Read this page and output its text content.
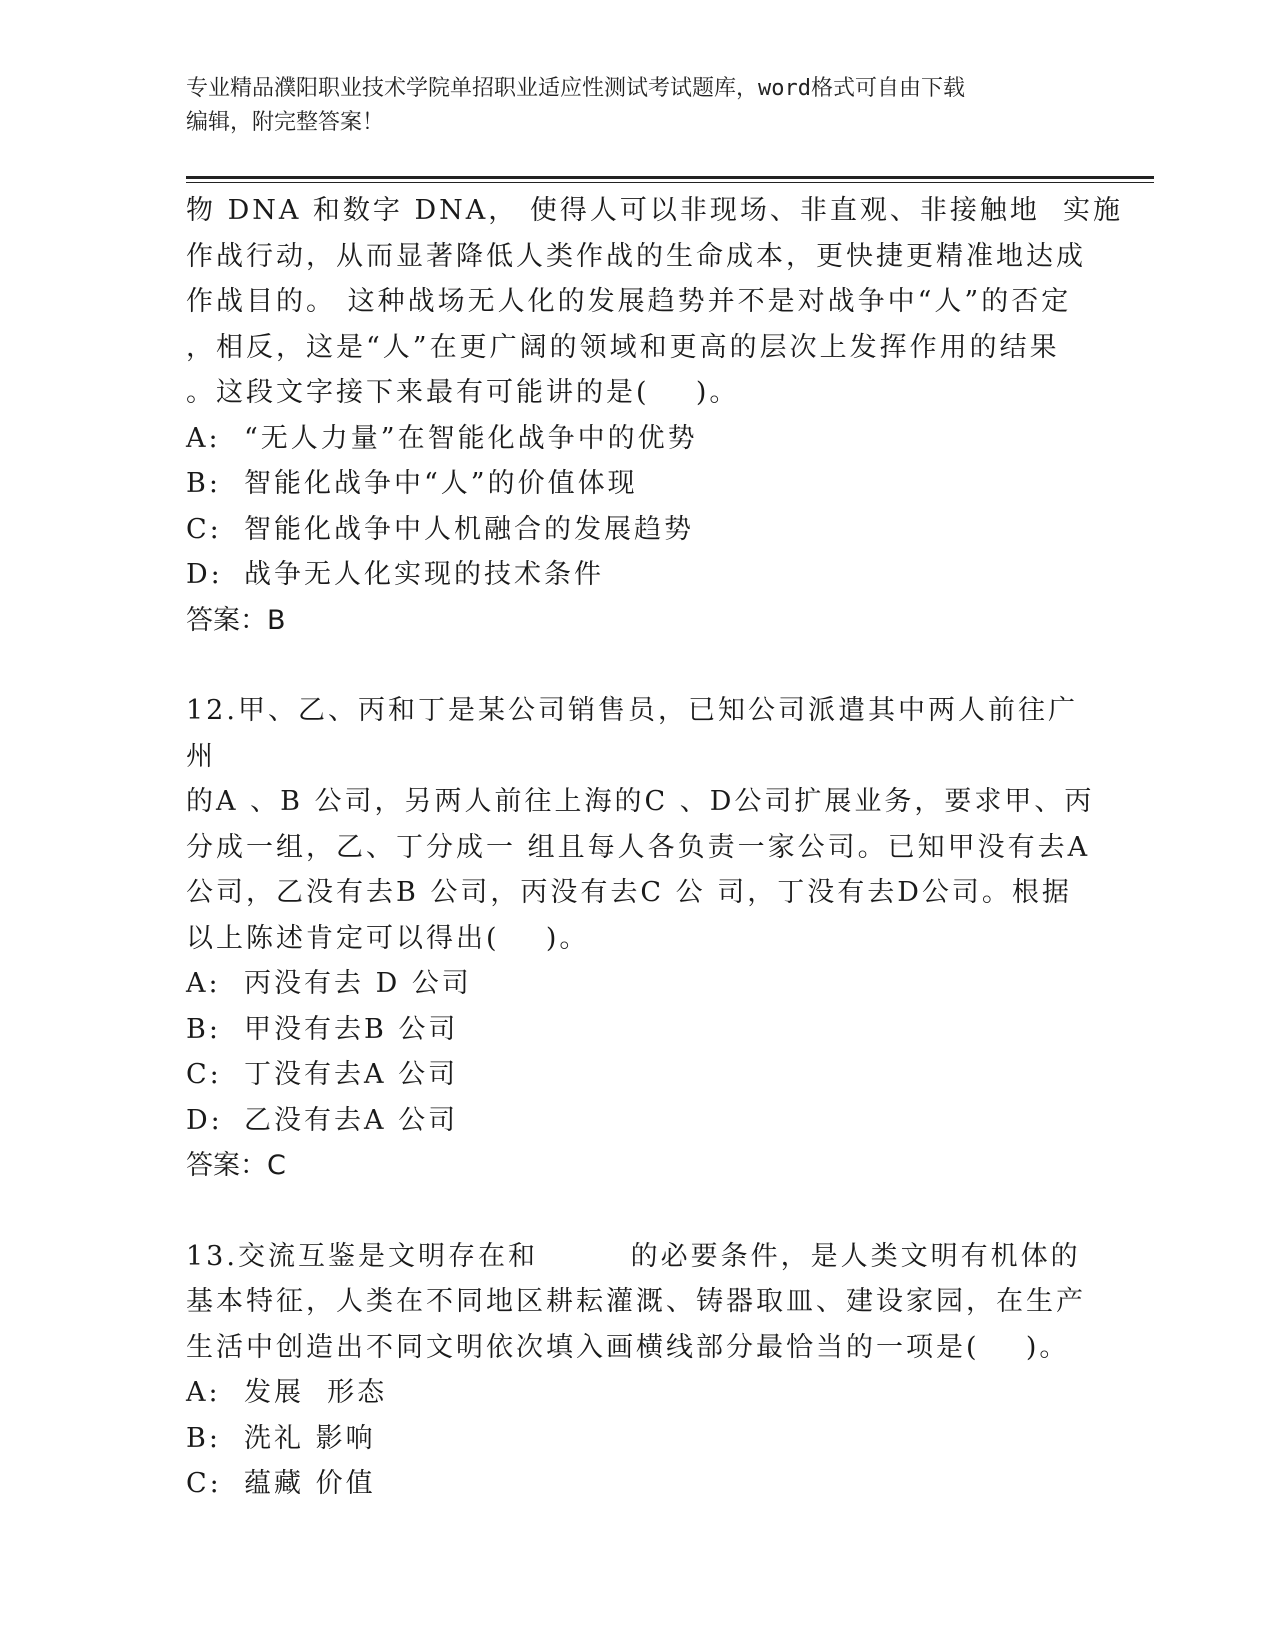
专业精品濮阳职业技术学院单招职业适应性测试考试题库，word格式可自由下载
编辑，附完整答案！

物 DNA 和数字 DNA， 使得人可以非现场、非直观、非接触地  实施

作战行动，从而显著降低人类作战的生命成本，更快捷更精准地达成

作战目的。 这种战场无人化的发展趋势并不是对战争中“人”的否定

，相反，这是“人”在更广阔的领域和更高的层次上发挥作用的结果

。这段文字接下来最有可能讲的是(    )。

A: “无人力量”在智能化战争中的优势
B: 智能化战争中“人”的价值体现
C: 智能化战争中人机融合的发展趋势
D: 战争无人化实现的技术条件

答案：B

12.甲、乙、丙和丁是某公司销售员，已知公司派遣其中两人前往广州

的A 、B 公司，另两人前往上海的C 、D公司扩展业务，要求甲、丙

分成一组，乙、丁分成一 组且每人各负责一家公司。已知甲没有去A

公司，乙没有去B 公司，丙没有去C 公 司，丁没有去D公司。根据

以上陈述肯定可以得出(    )。

A: 丙没有去 D 公司
B: 甲没有去B 公司
C: 丁没有去A 公司
D: 乙没有去A 公司

答案：C

13.交流互鉴是文明存在和        的必要条件，是人类文明有机体的

基本特征，人类在不同地区耕耘灌溉、铸器取皿、建设家园，在生产

生活中创造出不同文明依次填入画横线部分最恰当的一项是(    )。

A: 发展  形态
B: 洗礼 影响
C: 蕴藏 价值
